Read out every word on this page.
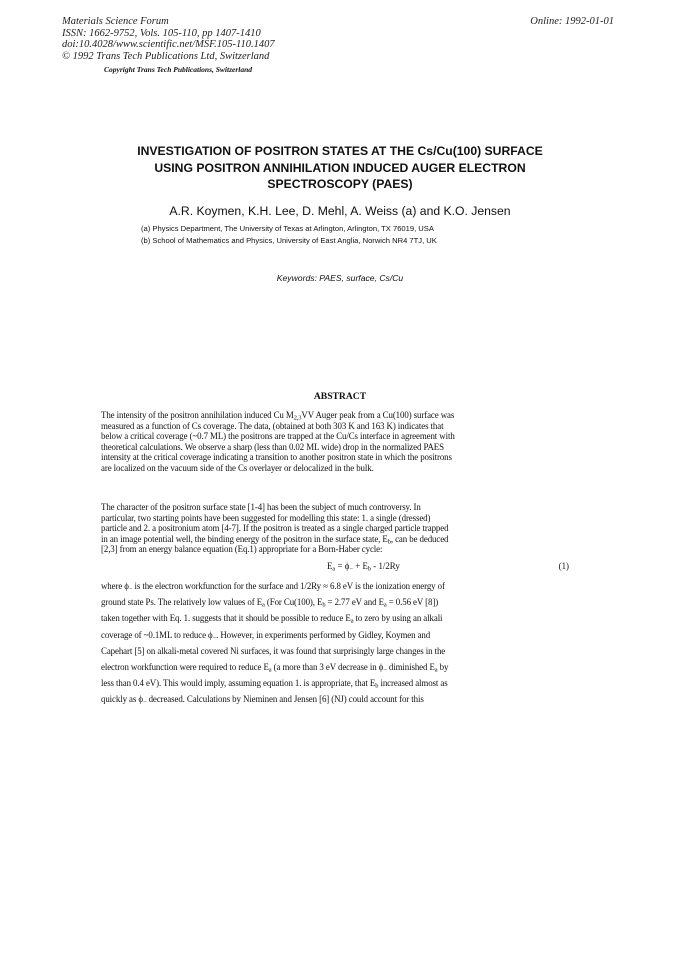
Materials Science Forum
ISSN: 1662-9752, Vols. 105-110, pp 1407-1410
doi:10.4028/www.scientific.net/MSF.105-110.1407
© 1992 Trans Tech Publications Ltd, Switzerland
Online: 1992-01-01
Copyright Trans Tech Publications, Switzerland
INVESTIGATION OF POSITRON STATES AT THE Cs/Cu(100) SURFACE
USING POSITRON ANNIHILATION INDUCED AUGER ELECTRON
SPECTROSCOPY (PAES)
A.R. Koymen, K.H. Lee, D. Mehl, A. Weiss (a) and K.O. Jensen
(a) Physics Department, The University of Texas at Arlington, Arlington, TX 76019, USA
(b) School of Mathematics and Physics, University of East Anglia, Norwich NR4 7TJ, UK
Keywords: PAES, surface, Cs/Cu
ABSTRACT
The intensity of the positron annihilation induced Cu $M_{2,3}VV$ Auger peak from a Cu(100) surface was
measured as a function of Cs coverage. The data, (obtained at both 303 K and 163 K) indicates that
below a critical coverage (~0.7 ML) the positrons are trapped at the Cu/Cs interface in agreement with
theoretical calculations. We observe a sharp (less than 0.02 ML wide) drop in the normalized PAES
intensity at the critical coverage indicating a transition to another positron state in which the positrons
are localized on the vacuum side of the Cs overlayer or delocalized in the bulk.
The character of the positron surface state [1-4] has been the subject of much controversy. In
particular, two starting points have been suggested for modelling this state: 1. a single (dressed)
particle and 2. a positronium atom [4-7]. If the positron is treated as a single charged particle trapped
in an image potential well, the binding energy of the positron in the surface state, $E_b$, can be deduced
[2,3] from an energy balance equation (Eq.1) appropriate for a Born-Haber cycle:
$E_a = \phi_- + E_b - 1/2Ry$	(1)
where $\phi_-$ is the electron workfunction for the surface and 1/2Ry ≈ 6.8 eV is the ionization energy of
ground state Ps. The relatively low values of $E_a$ (For Cu(100), $E_b = 2.77$ eV and $E_a = 0.56$ eV [8])
taken together with Eq. 1. suggests that it should be possible to reduce $E_a$ to zero by using an alkali
coverage of ~0.1ML to reduce $\phi_-$. However, in experiments performed by Gidley, Koymen and
Capehart [5] on alkali-metal covered Ni surfaces, it was found that surprisingly large changes in the
electron workfunction were required to reduce $E_a$ (a more than 3 eV decrease in $\phi_-$ diminished $E_a$ by
less than 0.4 eV). This would imply, assuming equation 1. is appropriate, that $E_b$ increased almost as
quickly as $\phi_-$ decreased. Calculations by Nieminen and Jensen [6] (NJ) could account for this
